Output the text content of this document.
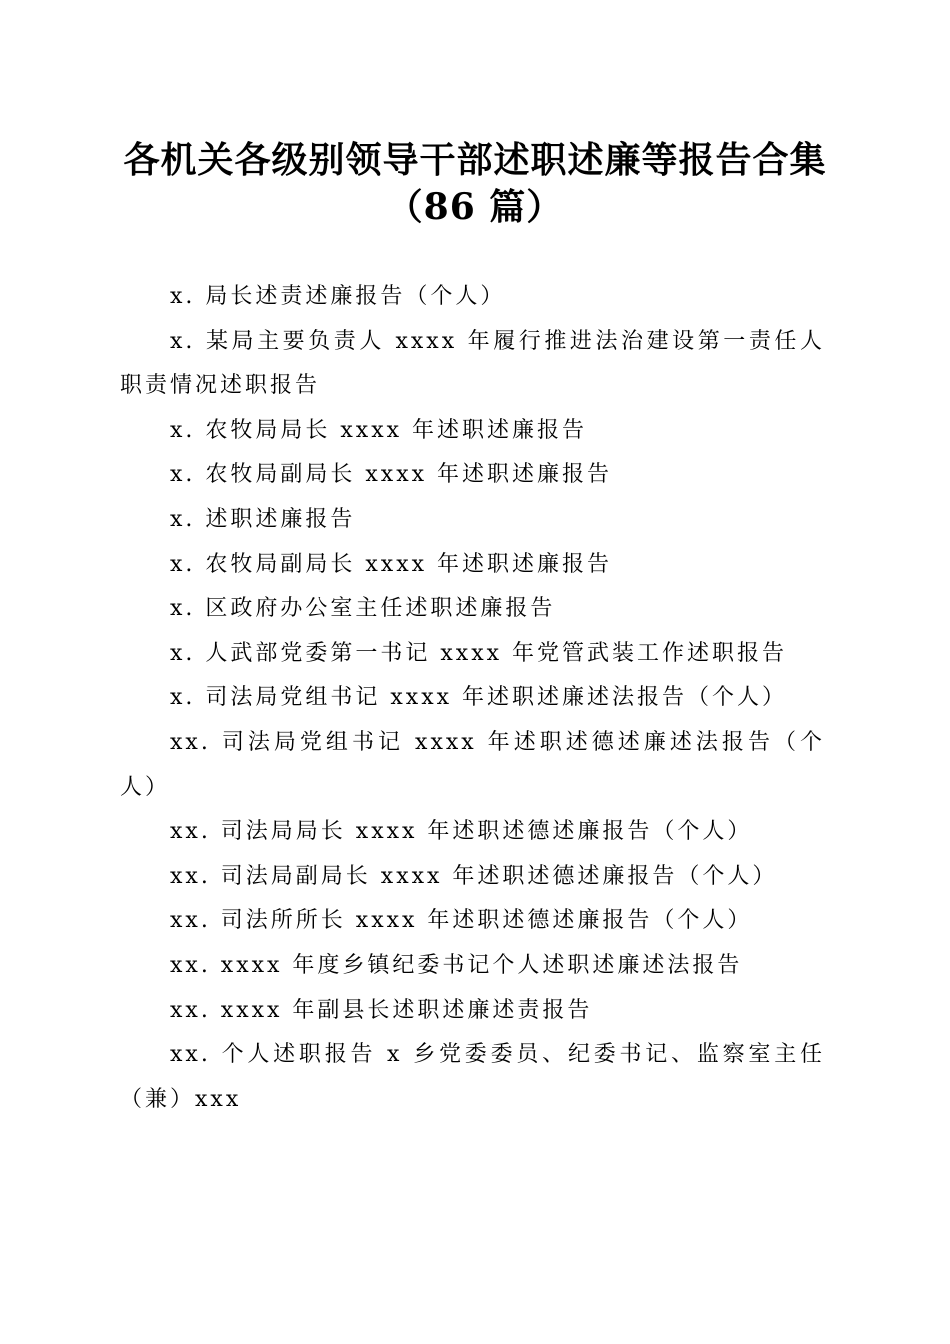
各机关各级别领导干部述职述廉等报告合集
（86 篇）

x. 局长述责述廉报告（个人）

x. 某局主要负责人 xxxx 年履行推进法治建设第一责任人职责情况述职报告

x. 农牧局局长 xxxx 年述职述廉报告

x. 农牧局副局长 xxxx 年述职述廉报告

x. 述职述廉报告

x. 农牧局副局长 xxxx 年述职述廉报告

x. 区政府办公室主任述职述廉报告

x. 人武部党委第一书记 xxxx 年党管武装工作述职报告

x. 司法局党组书记 xxxx 年述职述廉述法报告（个人）

xx. 司法局党组书记 xxxx 年述职述德述廉述法报告（个人）

xx. 司法局局长 xxxx 年述职述德述廉报告（个人）

xx. 司法局副局长 xxxx 年述职述德述廉报告（个人）

xx. 司法所所长 xxxx 年述职述德述廉报告（个人）

xx. xxxx 年度乡镇纪委书记个人述职述廉述法报告

xx. xxxx 年副县长述职述廉述责报告

xx. 个人述职报告 x 乡党委委员、纪委书记、监察室主任（兼）xxx
